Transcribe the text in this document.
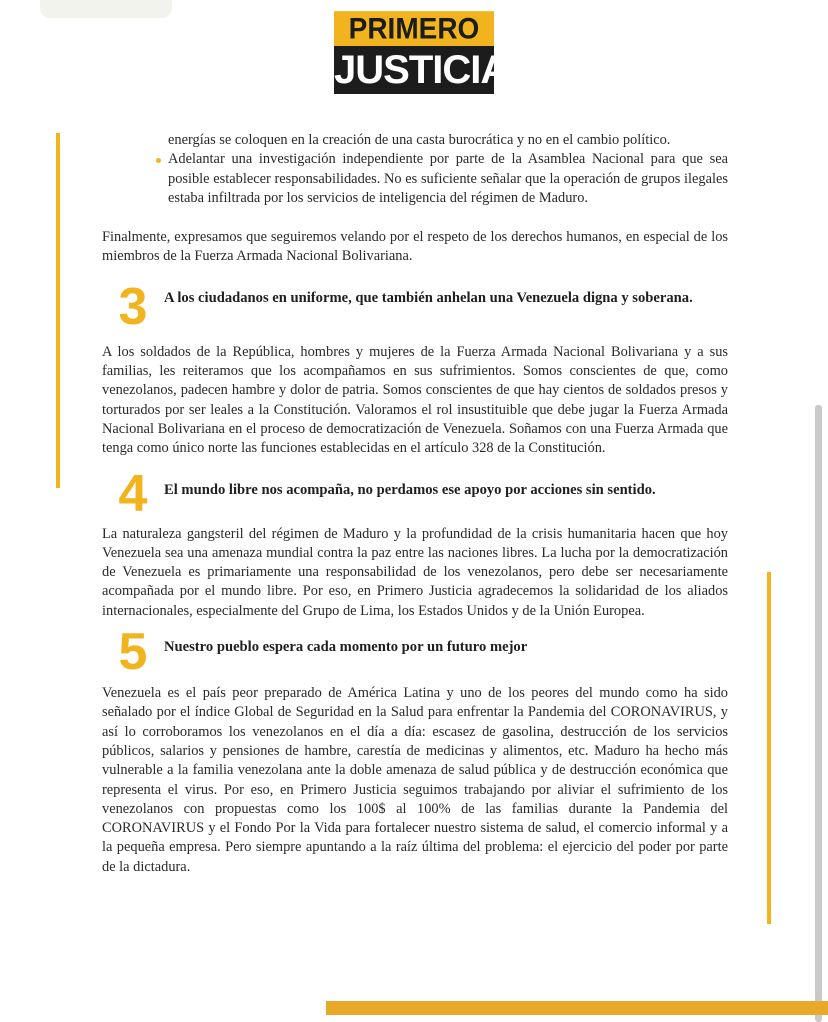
PRIMERO
JUSTICIA

energías se coloquen en la creación de una casta burocrática y no en el cambio político.

Adelantar una investigación independiente por parte de la Asamblea Nacional para que sea posible establecer responsabilidades. No es suficiente señalar que la operación de grupos ilegales estaba infiltrada por los servicios de inteligencia del régimen de Maduro.

Finalmente, expresamos que seguiremos velando por el respeto de los derechos humanos, en especial de los miembros de la Fuerza Armada Nacional Bolivariana.

3	A los ciudadanos en uniforme, que también anhelan una Venezuela digna y soberana.

A los soldados de la República, hombres y mujeres de la Fuerza Armada Nacional Bolivariana y a sus familias, les reiteramos que los acompañamos en sus sufrimientos. Somos conscientes de que, como venezolanos, padecen hambre y dolor de patria. Somos conscientes de que hay cientos de soldados presos y torturados por ser leales a la Constitución. Valoramos el rol insustituible que debe jugar la Fuerza Armada Nacional Bolivariana en el proceso de democratización de Venezuela. Soñamos con una Fuerza Armada que tenga como único norte las funciones establecidas en el artículo 328 de la Constitución.

4	El mundo libre nos acompaña, no perdamos ese apoyo por acciones sin sentido.

La naturaleza gangsteril del régimen de Maduro y la profundidad de la crisis humanitaria hacen que hoy Venezuela sea una amenaza mundial contra la paz entre las naciones libres. La lucha por la democratización de Venezuela es primariamente una responsabilidad de los venezolanos, pero debe ser necesariamente acompañada por el mundo libre. Por eso, en Primero Justicia agradecemos la solidaridad de los aliados internacionales, especialmente del Grupo de Lima, los Estados Unidos y de la Unión Europea.

5	Nuestro pueblo espera cada momento por un futuro mejor

Venezuela es el país peor preparado de América Latina y uno de los peores del mundo como ha sido señalado por el índice Global de Seguridad en la Salud para enfrentar la Pandemia del CORONAVIRUS, y así lo corroboramos los venezolanos en el día a día: escasez de gasolina, destrucción de los servicios públicos, salarios y pensiones de hambre, carestía de medicinas y alimentos, etc. Maduro ha hecho más vulnerable a la familia venezolana ante la doble amenaza de salud pública y de destrucción económica que representa el virus. Por eso, en Primero Justicia seguimos trabajando por aliviar el sufrimiento de los venezolanos con propuestas como los 100$ al 100% de las familias durante la Pandemia del CORONAVIRUS y el Fondo Por la Vida para fortalecer nuestro sistema de salud, el comercio informal y a la pequeña empresa. Pero siempre apuntando a la raíz última del problema: el ejercicio del poder por parte de la dictadura.
